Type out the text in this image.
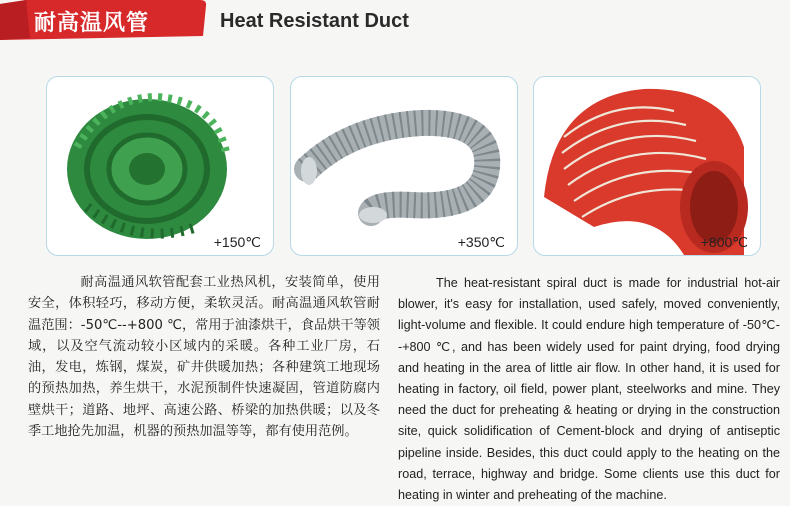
耐高温风管	Heat Resistant Duct
+150℃	+350℃	+800℃
耐高温通风软管配套工业热风机，安装简单，使用安全，体积轻巧，移动方便，柔软灵活。耐高温通风软管耐温范围：-50℃--+800 ℃，常用于油漆烘干，食品烘干等领域，以及空气流动较小区域内的采暖。各种工业厂房，石油，发电，炼钢，煤炭，矿井供暖加热；各种建筑工地现场的预热加热，养生烘干，水泥预制件快速凝固，管道防腐内壁烘干；道路、地坪、高速公路、桥梁的加热供暖；以及冬季工地抢先加温，机器的预热加温等等，都有使用范例。
The heat-resistant spiral duct is made for industrial hot-air blower, it's easy for installation, used safely, moved conveniently, light-volume and flexible. It could endure high temperature of -50℃--+800 ℃, and has been widely used for paint drying, food drying and heating in the area of little air flow. In other hand, it is used for heating in factory, oil field, power plant, steelworks and mine. They need the duct for preheating & heating or drying in the construction site, quick solidification of Cement-block and drying of antiseptic pipeline inside. Besides, this duct could apply to the heating on the road, terrace, highway and bridge. Some clients use this duct for heating in winter and preheating of the machine.
